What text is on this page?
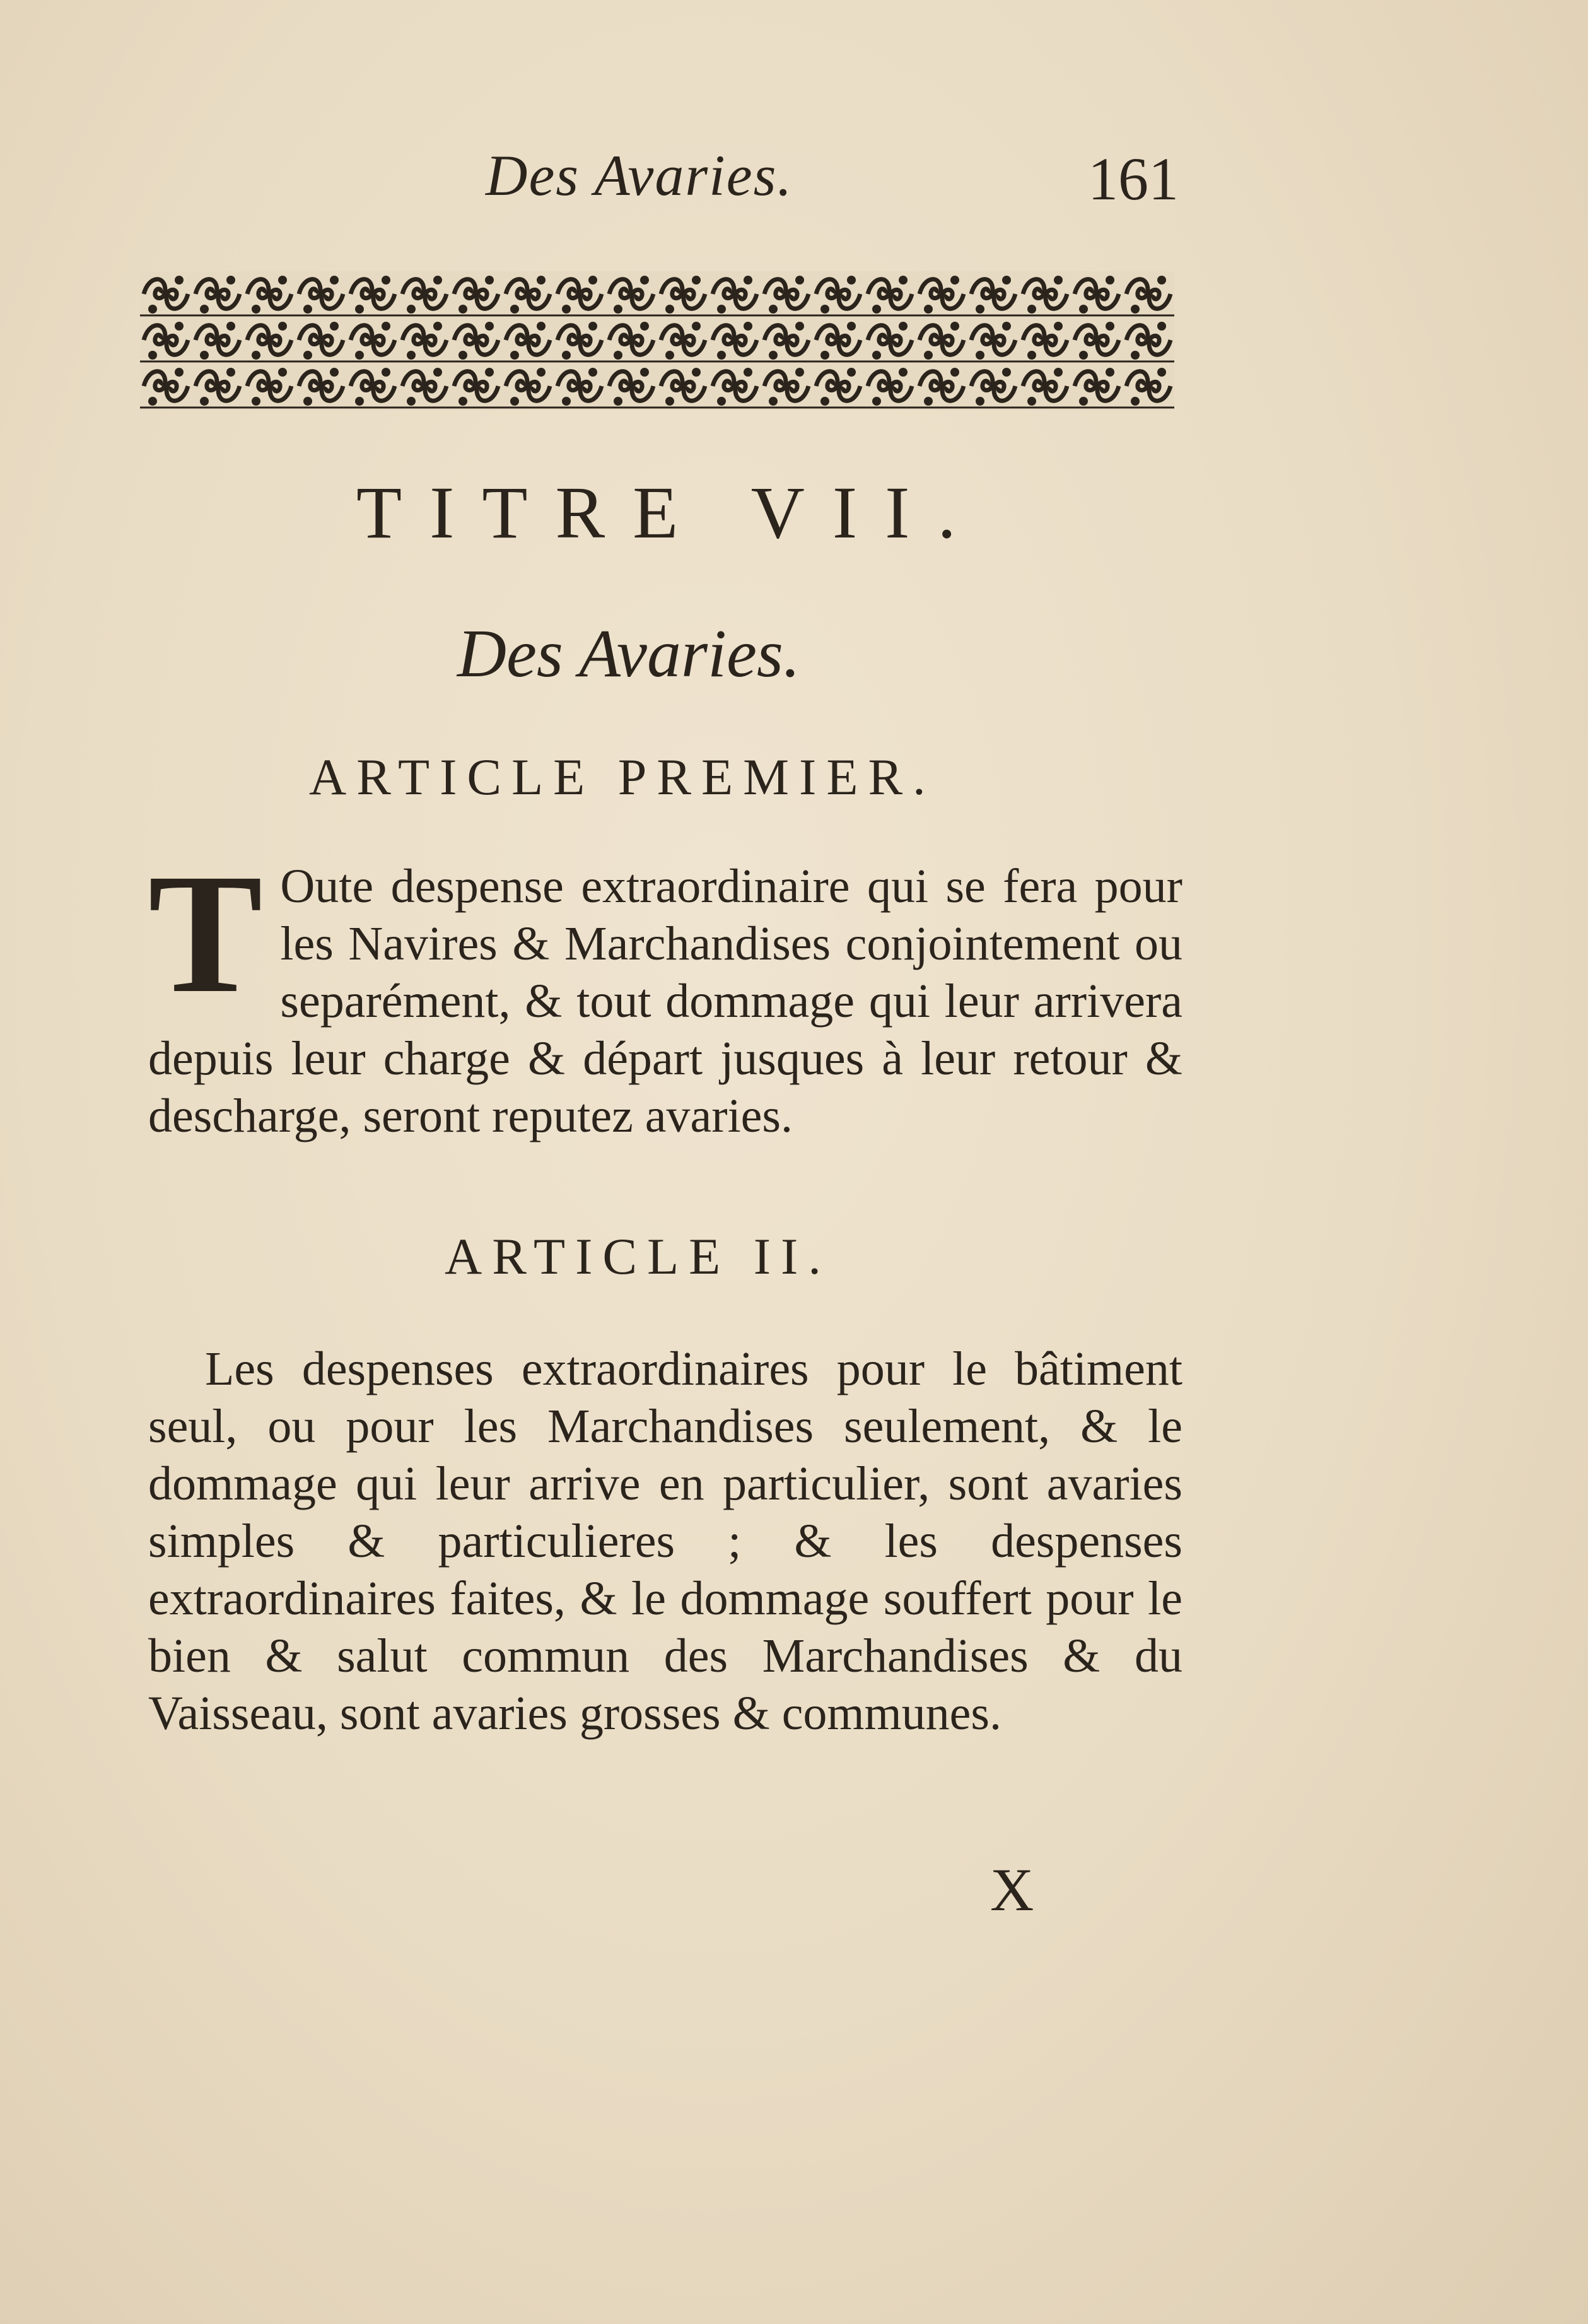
Des Avaries.	161
TITRE VII.
Des Avaries.
ARTICLE PREMIER.
T Oute despense extraordinaire qui se fera pour les Navires & Marchandises conjointement ou separément, & tout dommage qui leur arrivera depuis leur charge & départ jusques à leur retour & descharge, seront reputez avaries.
ARTICLE II.
Les despenses extraordinaires pour le bâtiment seul, ou pour les Marchandises seulement, & le dommage qui leur arrive en particulier, sont avaries simples & particulieres ; & les despenses extraordinaires faites, & le dommage souffert pour le bien & salut commun des Marchandises & du Vaisseau, sont avaries grosses & communes.
X
